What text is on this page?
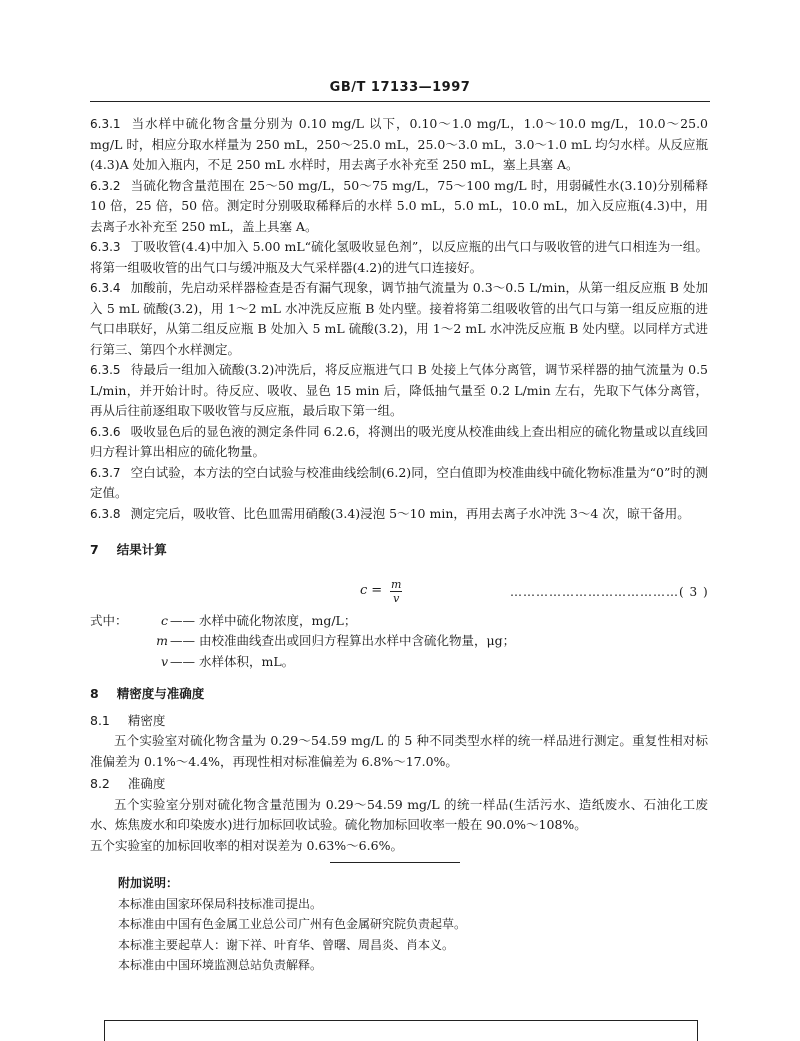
GB/T 17133—1997

6.3.1 当水样中硫化物含量分别为 0.10 mg/L 以下，0.10～1.0 mg/L，1.0～10.0 mg/L，10.0～25.0 mg/L 时，相应分取水样量为 250 mL，250～25.0 mL，25.0～3.0 mL，3.0～1.0 mL 均匀水样。从反应瓶(4.3)A 处加入瓶内，不足 250 mL 水样时，用去离子水补充至 250 mL，塞上具塞 A。

6.3.2 当硫化物含量范围在 25～50 mg/L，50～75 mg/L，75～100 mg/L 时，用弱碱性水(3.10)分别稀释 10 倍，25 倍，50 倍。测定时分别吸取稀释后的水样 5.0 mL，5.0 mL，10.0 mL，加入反应瓶(4.3)中，用去离子水补充至 250 mL，盖上具塞 A。

6.3.3 丁吸收管(4.4)中加入 5.00 mL“硫化氢吸收显色剂”，以反应瓶的出气口与吸收管的进气口相连为一组。将第一组吸收管的出气口与缓冲瓶及大气采样器(4.2)的进气口连接好。

6.3.4 加酸前，先启动采样器检查是否有漏气现象，调节抽气流量为 0.3～0.5 L/min，从第一组反应瓶 B 处加入 5 mL 硫酸(3.2)，用 1～2 mL 水冲洗反应瓶 B 处内壁。接着将第二组吸收管的出气口与第一组反应瓶的进气口串联好，从第二组反应瓶 B 处加入 5 mL 硫酸(3.2)，用 1～2 mL 水冲洗反应瓶 B 处内壁。以同样方式进行第三、第四个水样测定。

6.3.5 待最后一组加入硫酸(3.2)冲洗后，将反应瓶进气口 B 处接上气体分离管，调节采样器的抽气流量为 0.5 L/min，并开始计时。待反应、吸收、显色 15 min 后，降低抽气量至 0.2 L/min 左右，先取下气体分离管，再从后往前逐组取下吸收管与反应瓶，最后取下第一组。

6.3.6 吸收显色后的显色液的测定条件同 6.2.6，将测出的吸光度从校准曲线上查出相应的硫化物量或以直线回归方程计算出相应的硫化物量。

6.3.7 空白试验，本方法的空白试验与校准曲线绘制(6.2)同，空白值即为校准曲线中硫化物标准量为“0”时的测定值。

6.3.8 测定完后，吸收管、比色皿需用硝酸(3.4)浸泡 5～10 min，再用去离子水冲洗 3～4 次，晾干备用。

7 结果计算
$c = \frac{m}{v}$	…………………………………( 3 )
式中：	c —— 水样中硫化物浓度，mg/L；
m —— 由校准曲线查出或回归方程算出水样中含硫化物量，μg；
v —— 水样体积，mL。
8 精密度与准确度
8.1 精密度

五个实验室对硫化物含量为 0.29～54.59 mg/L 的 5 种不同类型水样的统一样品进行测定。重复性相对标准偏差为 0.1%～4.4%，再现性相对标准偏差为 6.8%～17.0%。

8.2 准确度

五个实验室分别对硫化物含量范围为 0.29～54.59 mg/L 的统一样品(生活污水、造纸废水、石油化工废水、炼焦废水和印染废水)进行加标回收试验。硫化物加标回收率一般在 90.0%～108%。

五个实验室的加标回收率的相对误差为 0.63%～6.6%。

附加说明：
本标准由国家环保局科技标准司提出。
本标准由中国有色金属工业总公司广州有色金属研究院负责起草。
本标准主要起草人：谢下祥、叶育华、曾曙、周昌炎、肖本义。
本标准由中国环境监测总站负责解释。
